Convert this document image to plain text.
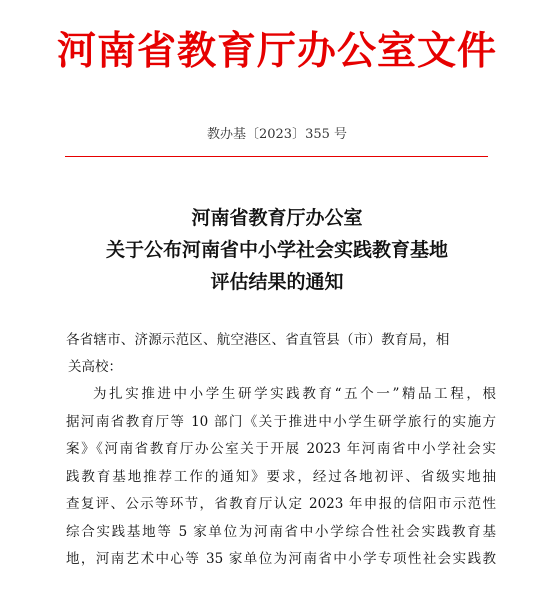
河南省教育厅办公室文件
教办基〔2023〕355 号
河南省教育厅办公室
关于公布河南省中小学社会实践教育基地
评估结果的通知
各省辖市、济源示范区、航空港区、省直管县（市）教育局，相
关高校：
为扎实推进中小学生研学实践教育“五个一”精品工程，根
据河南省教育厅等 10 部门《关于推进中小学生研学旅行的实施方
案》《河南省教育厅办公室关于开展 2023 年河南省中小学社会实
践教育基地推荐工作的通知》要求，经过各地初评、省级实地抽
查复评、公示等环节，省教育厅认定 2023 年申报的信阳市示范性
综合实践基地等 5 家单位为河南省中小学综合性社会实践教育基
地，河南艺术中心等 35 家单位为河南省中小学专项性社会实践教
